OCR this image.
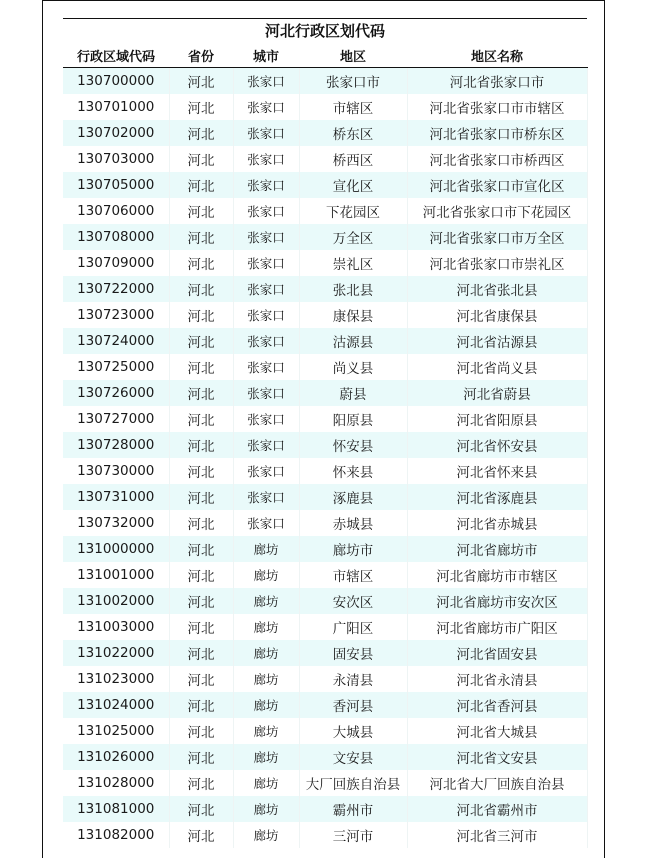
河北行政区划代码
行政区域代码	省份	城市	地区	地区名称
130700000	河北	张家口	张家口市	河北省张家口市
130701000	河北	张家口	市辖区	河北省张家口市市辖区
130702000	河北	张家口	桥东区	河北省张家口市桥东区
130703000	河北	张家口	桥西区	河北省张家口市桥西区
130705000	河北	张家口	宣化区	河北省张家口市宣化区
130706000	河北	张家口	下花园区	河北省张家口市下花园区
130708000	河北	张家口	万全区	河北省张家口市万全区
130709000	河北	张家口	崇礼区	河北省张家口市崇礼区
130722000	河北	张家口	张北县	河北省张北县
130723000	河北	张家口	康保县	河北省康保县
130724000	河北	张家口	沽源县	河北省沽源县
130725000	河北	张家口	尚义县	河北省尚义县
130726000	河北	张家口	蔚县	河北省蔚县
130727000	河北	张家口	阳原县	河北省阳原县
130728000	河北	张家口	怀安县	河北省怀安县
130730000	河北	张家口	怀来县	河北省怀来县
130731000	河北	张家口	涿鹿县	河北省涿鹿县
130732000	河北	张家口	赤城县	河北省赤城县
131000000	河北	廊坊	廊坊市	河北省廊坊市
131001000	河北	廊坊	市辖区	河北省廊坊市市辖区
131002000	河北	廊坊	安次区	河北省廊坊市安次区
131003000	河北	廊坊	广阳区	河北省廊坊市广阳区
131022000	河北	廊坊	固安县	河北省固安县
131023000	河北	廊坊	永清县	河北省永清县
131024000	河北	廊坊	香河县	河北省香河县
131025000	河北	廊坊	大城县	河北省大城县
131026000	河北	廊坊	文安县	河北省文安县
131028000	河北	廊坊	大厂回族自治县	河北省大厂回族自治县
131081000	河北	廊坊	霸州市	河北省霸州市
131082000	河北	廊坊	三河市	河北省三河市
